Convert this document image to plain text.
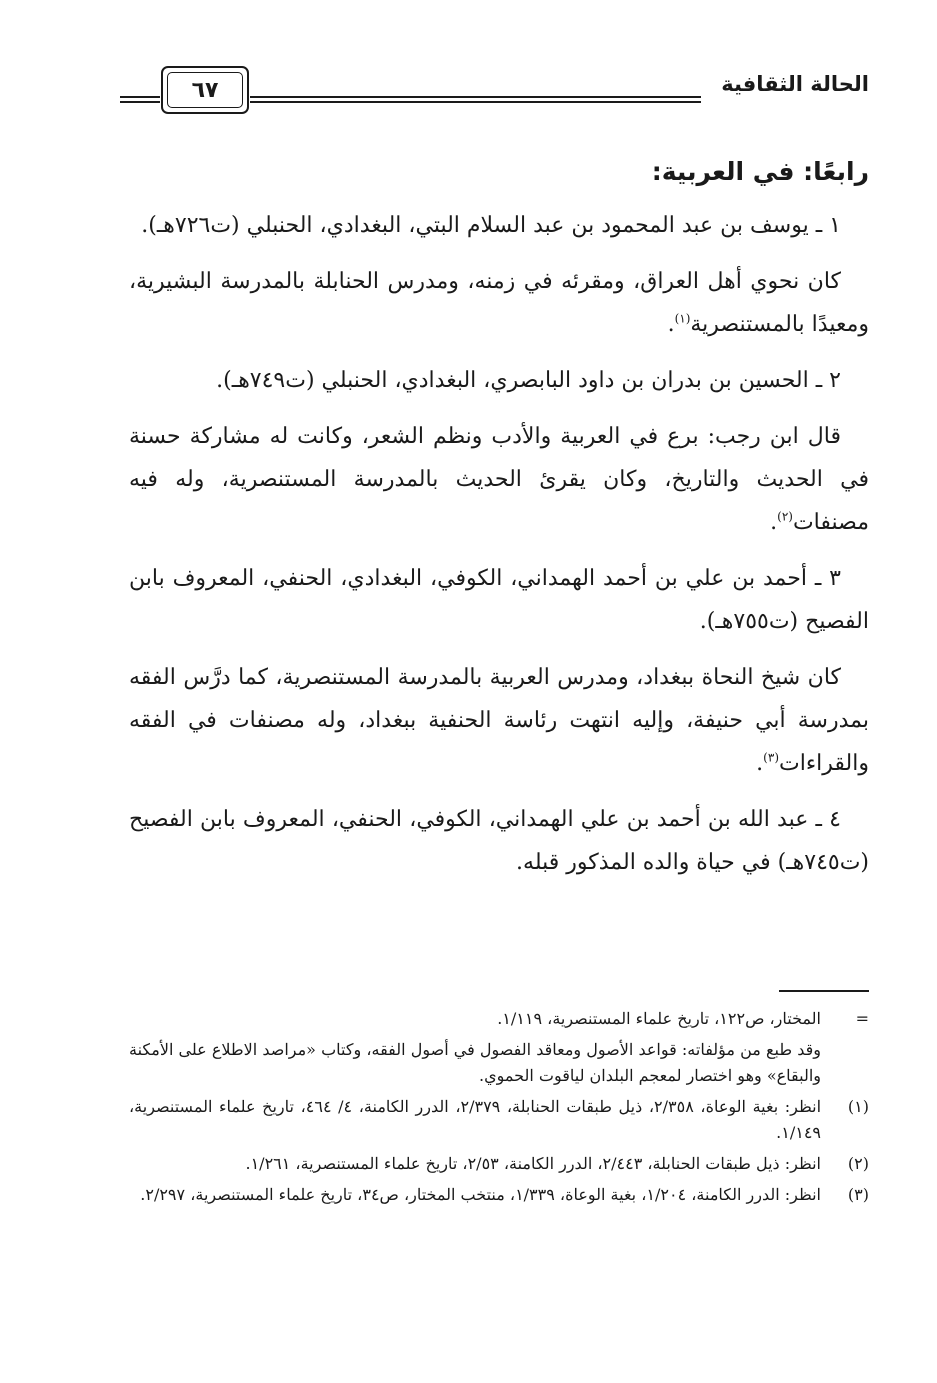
الحالة الثقافية
٦٧
رابعًا: في العربية:

١ ـ يوسف بن عبد المحمود بن عبد السلام البتي، البغدادي، الحنبلي (ت٧٢٦هـ).

كان نحوي أهل العراق، ومقرئه في زمنه، ومدرس الحنابلة بالمدرسة البشيرية، ومعيدًا بالمستنصرية$^{(١)}$.

٢ ـ الحسين بن بدران بن داود البابصري، البغدادي، الحنبلي (ت٧٤٩هـ).

قال ابن رجب: برع في العربية والأدب ونظم الشعر، وكانت له مشاركة حسنة في الحديث والتاريخ، وكان يقرئ الحديث بالمدرسة المستنصرية، وله فيه مصنفات$^{(٢)}$.

٣ ـ أحمد بن علي بن أحمد الهمداني، الكوفي، البغدادي، الحنفي، المعروف بابن الفصيح (ت٧٥٥هـ).

كان شيخ النحاة ببغداد، ومدرس العربية بالمدرسة المستنصرية، كما درَّس الفقه بمدرسة أبي حنيفة، وإليه انتهت رئاسة الحنفية ببغداد، وله مصنفات في الفقه والقراءات$^{(٣)}$.

٤ ـ عبد الله بن أحمد بن علي الهمداني، الكوفي، الحنفي، المعروف بابن الفصيح (ت٧٤٥هـ) في حياة والده المذكور قبله.

=
المختار، ص١٢٢، تاريخ علماء المستنصرية، ١/١١٩.
وقد طبع من مؤلفاته: قواعد الأصول ومعاقد الفصول في أصول الفقه، وكتاب «مراصد الاطلاع على الأمكنة والبقاع» وهو اختصار لمعجم البلدان لياقوت الحموي.
(١)
انظر: بغية الوعاة، ٢/٣٥٨، ذيل طبقات الحنابلة، ٢/٣٧٩، الدرر الكامنة، ٤/ ٤٦٤، تاريخ علماء المستنصرية، ١/١٤٩.
(٢)
انظر: ذيل طبقات الحنابلة، ٢/٤٤٣، الدرر الكامنة، ٢/٥٣، تاريخ علماء المستنصرية، ١/٢٦١.
(٣)
انظر: الدرر الكامنة، ١/٢٠٤، بغية الوعاة، ١/٣٣٩، منتخب المختار، ص٣٤، تاريخ علماء المستنصرية، ٢/٢٩٧.
